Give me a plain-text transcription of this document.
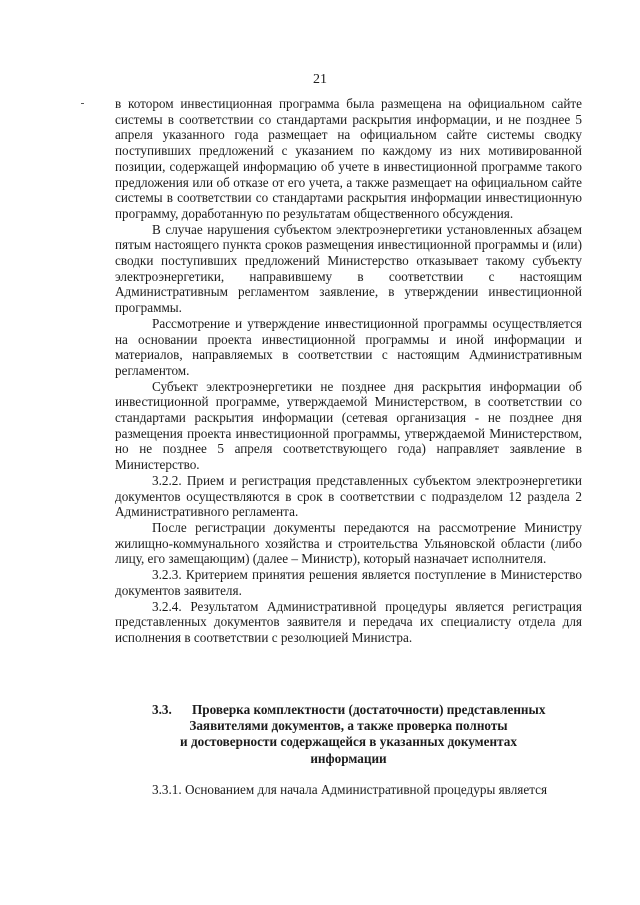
21

в котором инвестиционная программа была размещена на официальном сайте системы в соответствии со стандартами раскрытия информации, и не позднее 5 апреля указанного года размещает на официальном сайте системы сводку поступивших предложений с указанием по каждому из них мотивированной позиции, содержащей информацию об учете в инвестиционной программе такого предложения или об отказе от его учета, а также размещает на официальном сайте системы в соответствии со стандартами раскрытия информации инвестиционную программу, доработанную по результатам общественного обсуждения.

В случае нарушения субъектом электроэнергетики установленных абзацем пятым настоящего пункта сроков размещения инвестиционной программы и (или) сводки поступивших предложений Министерство отказывает такому субъекту электроэнергетики, направившему в соответствии с настоящим Административным регламентом заявление, в утверждении инвестиционной программы.

Рассмотрение и утверждение инвестиционной программы осуществляется на основании проекта инвестиционной программы и иной информации и материалов, направляемых в соответствии с настоящим Административным регламентом.

Субъект электроэнергетики не позднее дня раскрытия информации об инвестиционной программе, утверждаемой Министерством, в соответствии со стандартами раскрытия информации (сетевая организация - не позднее дня размещения проекта инвестиционной программы, утверждаемой Министерством, но не позднее 5 апреля соответствующего года) направляет заявление в Министерство.

3.2.2. Прием и регистрация представленных субъектом электроэнергетики документов осуществляются в срок в соответствии с подразделом 12 раздела 2 Административного регламента.

После регистрации документы передаются на рассмотрение Министру жилищно-коммунального хозяйства и строительства Ульяновской области (либо лицу, его замещающим) (далее – Министр), который назначает исполнителя.

3.2.3. Критерием принятия решения является поступление в Министерство документов заявителя.

3.2.4. Результатом Административной процедуры является регистрация представленных документов заявителя и передача их специалисту отдела для исполнения в соответствии с резолюцией Министра.

3.3. Проверка комплектности (достаточности) представленных
Заявителями документов, а также проверка полноты
и достоверности содержащейся в указанных документах
информации
3.3.1. Основанием для начала Административной процедуры является
